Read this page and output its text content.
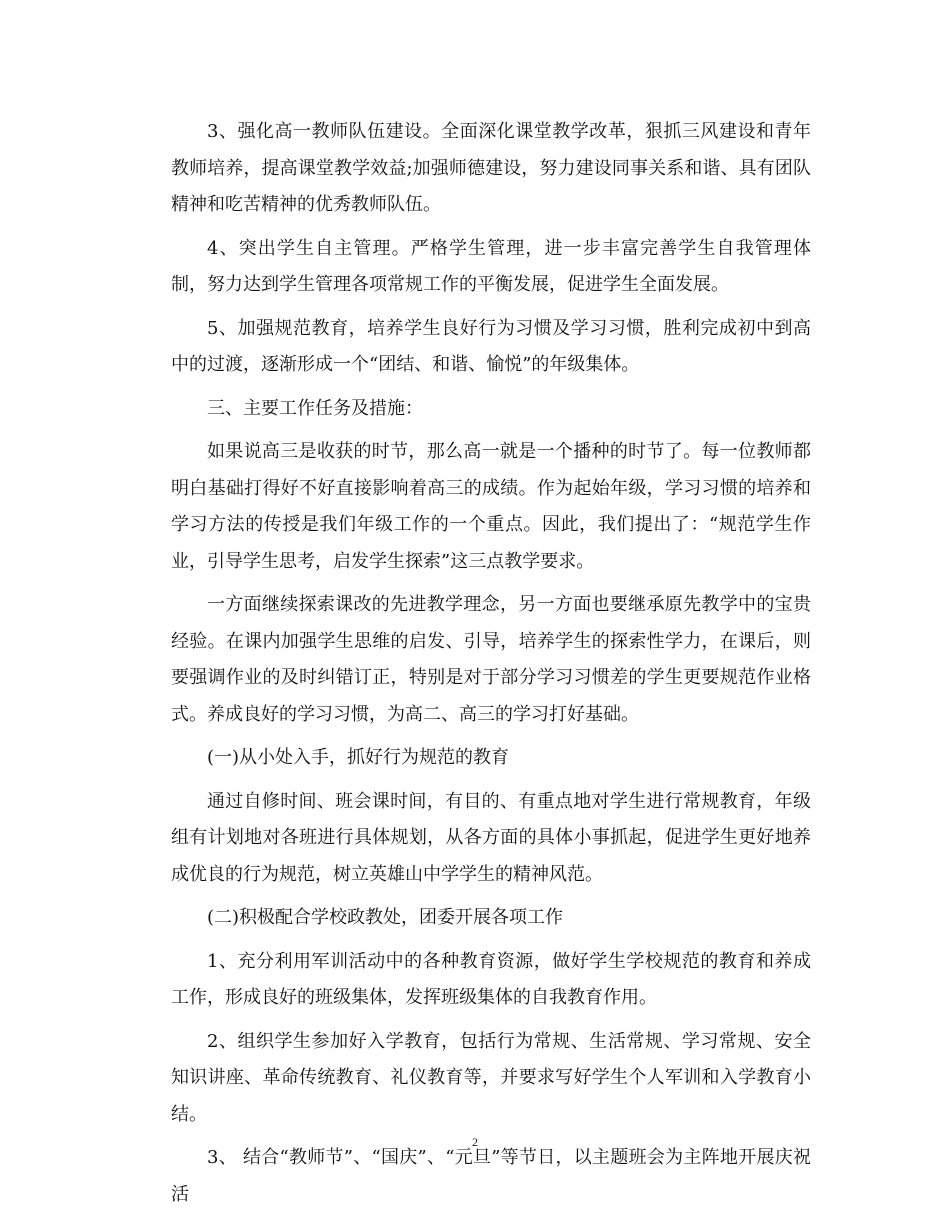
3、强化高一教师队伍建设。全面深化课堂教学改革，狠抓三风建设和青年教师培养，提高课堂教学效益;加强师德建设，努力建设同事关系和谐、具有团队精神和吃苦精神的优秀教师队伍。

4、突出学生自主管理。严格学生管理，进一步丰富完善学生自我管理体制，努力达到学生管理各项常规工作的平衡发展，促进学生全面发展。

5、加强规范教育，培养学生良好行为习惯及学习习惯，胜利完成初中到高中的过渡，逐渐形成一个“团结、和谐、愉悦”的年级集体。

三、主要工作任务及措施：

如果说高三是收获的时节，那么高一就是一个播种的时节了。每一位教师都明白基础打得好不好直接影响着高三的成绩。作为起始年级，学习习惯的培养和学习方法的传授是我们年级工作的一个重点。因此，我们提出了：“规范学生作业，引导学生思考，启发学生探索”这三点教学要求。

一方面继续探索课改的先进教学理念，另一方面也要继承原先教学中的宝贵经验。在课内加强学生思维的启发、引导，培养学生的探索性学力，在课后，则要强调作业的及时纠错订正，特别是对于部分学习习惯差的学生更要规范作业格式。养成良好的学习习惯，为高二、高三的学习打好基础。

(一)从小处入手，抓好行为规范的教育

通过自修时间、班会课时间，有目的、有重点地对学生进行常规教育，年级组有计划地对各班进行具体规划，从各方面的具体小事抓起，促进学生更好地养成优良的行为规范，树立英雄山中学学生的精神风范。

(二)积极配合学校政教处，团委开展各项工作

1、充分利用军训活动中的各种教育资源，做好学生学校规范的教育和养成工作，形成良好的班级集体，发挥班级集体的自我教育作用。

2、组织学生参加好入学教育，包括行为常规、生活常规、学习常规、安全知识讲座、革命传统教育、礼仪教育等，并要求写好学生个人军训和入学教育小结。

3、 结合“教师节”、“国庆”、“元旦”等节日，以主题班会为主阵地开展庆祝活

2
